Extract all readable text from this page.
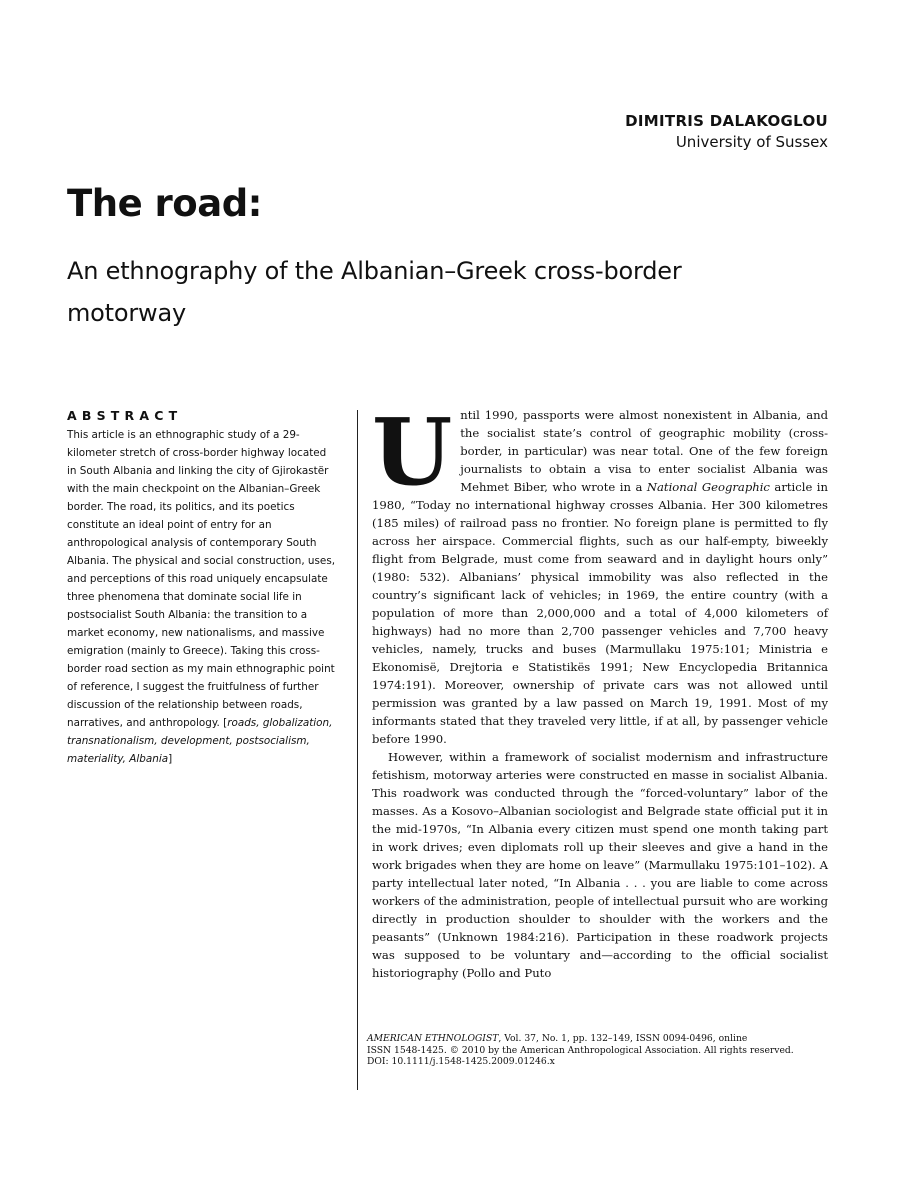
DIMITRIS DALAKOGLOU
University of Sussex
The road:
An ethnography of the Albanian–Greek cross-border motorway
ABSTRACT

This article is an ethnographic study of a 29-kilometer stretch of cross-border highway located in South Albania and linking the city of Gjirokastër with the main checkpoint on the Albanian–Greek border. The road, its politics, and its poetics constitute an ideal point of entry for an anthropological analysis of contemporary South Albania. The physical and social construction, uses, and perceptions of this road uniquely encapsulate three phenomena that dominate social life in postsocialist South Albania: the transition to a market economy, new nationalisms, and massive emigration (mainly to Greece). Taking this cross-border road section as my main ethnographic point of reference, I suggest the fruitfulness of further discussion of the relationship between roads, narratives, and anthropology. [roads, globalization, transnationalism, development, postsocialism, materiality, Albania]

Until 1990, passports were almost nonexistent in Albania, and the socialist state’s control of geographic mobility (cross-border, in particular) was near total. One of the few foreign journalists to obtain a visa to enter socialist Albania was Mehmet Biber, who wrote in a National Geographic article in 1980, “Today no international highway crosses Albania. Her 300 kilometres (185 miles) of railroad pass no frontier. No foreign plane is permitted to fly across her airspace. Commercial flights, such as our half-empty, biweekly flight from Belgrade, must come from seaward and in daylight hours only” (1980: 532). Albanians’ physical immobility was also reflected in the country’s significant lack of vehicles; in 1969, the entire country (with a population of more than 2,000,000 and a total of 4,000 kilometers of highways) had no more than 2,700 passenger vehicles and 7,700 heavy vehicles, namely, trucks and buses (Marmullaku 1975:101; Ministria e Ekonomisë, Drejtoria e Statistikës 1991; New Encyclopedia Britannica 1974:191). Moreover, ownership of private cars was not allowed until permission was granted by a law passed on March 19, 1991. Most of my informants stated that they traveled very little, if at all, by passenger vehicle before 1990.

However, within a framework of socialist modernism and infrastructure fetishism, motorway arteries were constructed en masse in socialist Albania. This roadwork was conducted through the “forced-voluntary” labor of the masses. As a Kosovo–Albanian sociologist and Belgrade state official put it in the mid-1970s, “In Albania every citizen must spend one month taking part in work drives; even diplomats roll up their sleeves and give a hand in the work brigades when they are home on leave” (Marmullaku 1975:101–102). A party intellectual later noted, “In Albania . . . you are liable to come across workers of the administration, people of intellectual pursuit who are working directly in production shoulder to shoulder with the workers and the peasants” (Unknown 1984:216). Participation in these roadwork projects was supposed to be voluntary and—according to the official socialist historiography (Pollo and Puto

AMERICAN ETHNOLOGIST, Vol. 37, No. 1, pp. 132–149, ISSN 0094-0496, online

ISSN 1548-1425. © 2010 by the American Anthropological Association. All rights reserved.

DOI: 10.1111/j.1548-1425.2009.01246.x
